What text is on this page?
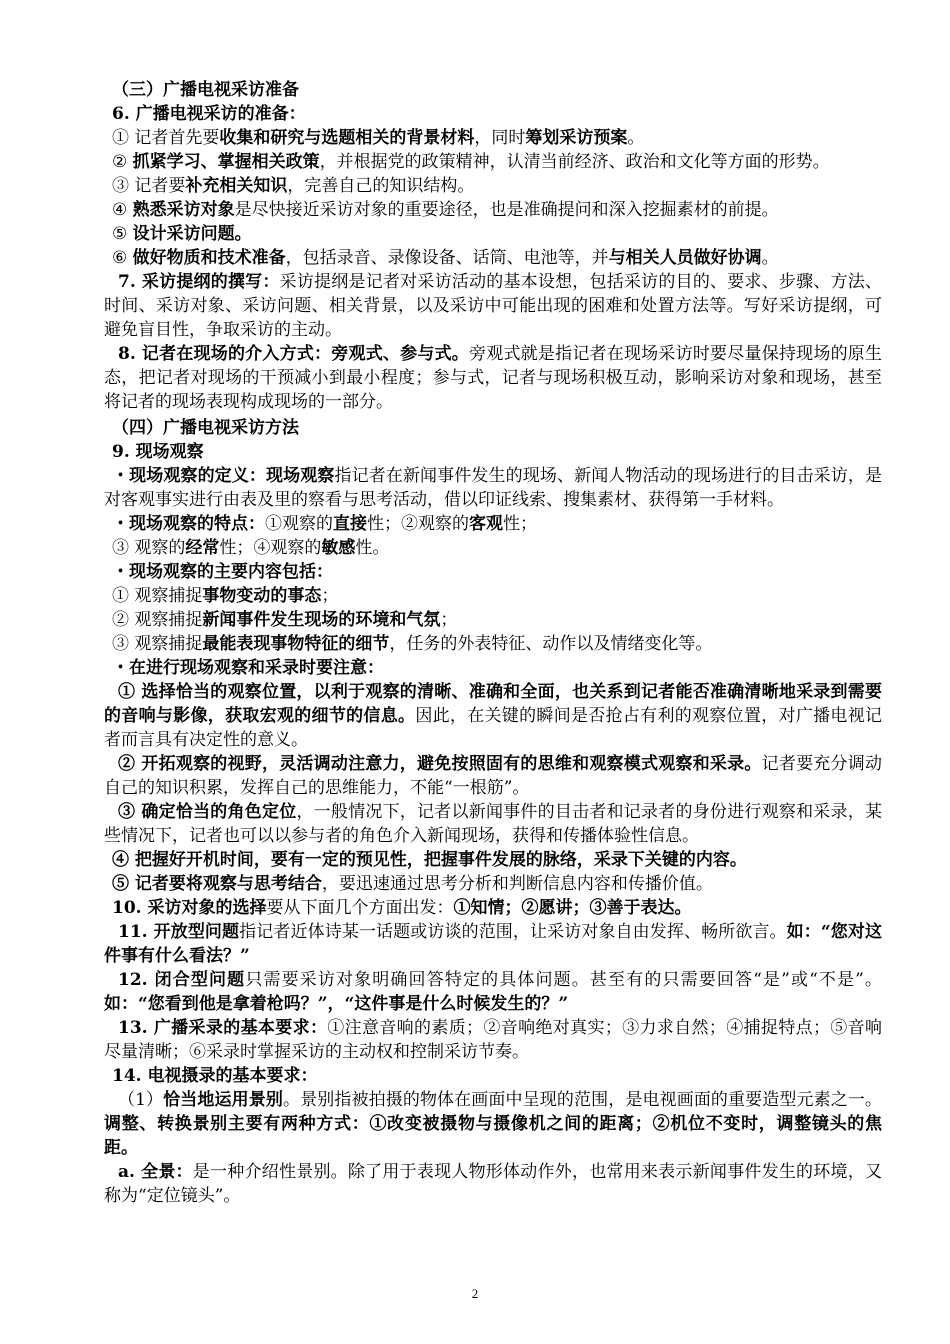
（三）广播电视采访准备
6. 广播电视采访的准备：
① 记者首先要收集和研究与选题相关的背景材料，同时筹划采访预案。
② 抓紧学习、掌握相关政策，并根据党的政策精神，认清当前经济、政治和文化等方面的形势。
③ 记者要补充相关知识，完善自己的知识结构。
④ 熟悉采访对象是尽快接近采访对象的重要途径，也是准确提问和深入挖掘素材的前提。
⑤ 设计采访问题。
⑥ 做好物质和技术准备，包括录音、录像设备、话筒、电池等，并与相关人员做好协调。
7. 采访提纲的撰写：采访提纲是记者对采访活动的基本设想，包括采访的目的、要求、步骤、方法、时间、采访对象、采访问题、相关背景，以及采访中可能出现的困难和处置方法等。写好采访提纲，可避免盲目性，争取采访的主动。
8. 记者在现场的介入方式：旁观式、参与式。旁观式就是指记者在现场采访时要尽量保持现场的原生态，把记者对现场的干预减小到最小程度；参与式，记者与现场积极互动，影响采访对象和现场，甚至将记者的现场表现构成现场的一部分。
（四）广播电视采访方法
9. 现场观察
・现场观察的定义：现场观察指记者在新闻事件发生的现场、新闻人物活动的现场进行的目击采访，是对客观事实进行由表及里的察看与思考活动，借以印证线索、搜集素材、获得第一手材料。
・现场观察的特点：①观察的直接性；②观察的客观性；
③ 观察的经常性；④观察的敏感性。
・现场观察的主要内容包括：
① 观察捕捉事物变动的事态；
② 观察捕捉新闻事件发生现场的环境和气氛；
③ 观察捕捉最能表现事物特征的细节，任务的外表特征、动作以及情绪变化等。
・在进行现场观察和采录时要注意：
① 选择恰当的观察位置，以利于观察的清晰、准确和全面，也关系到记者能否准确清晰地采录到需要的音响与影像，获取宏观的细节的信息。因此，在关键的瞬间是否抢占有利的观察位置，对广播电视记者而言具有决定性的意义。
② 开拓观察的视野，灵活调动注意力，避免按照固有的思维和观察模式观察和采录。记者要充分调动自己的知识积累，发挥自己的思维能力，不能“一根筋”。
③ 确定恰当的角色定位，一般情况下，记者以新闻事件的目击者和记录者的身份进行观察和采录，某些情况下，记者也可以以参与者的角色介入新闻现场，获得和传播体验性信息。
④ 把握好开机时间，要有一定的预见性，把握事件发展的脉络，采录下关键的内容。
⑤ 记者要将观察与思考结合，要迅速通过思考分析和判断信息内容和传播价值。
10. 采访对象的选择要从下面几个方面出发：①知情；②愿讲；③善于表达。
11. 开放型问题指记者近体诗某一话题或访谈的范围，让采访对象自由发挥、畅所欲言。如：“您对这件事有什么看法？”
12. 闭合型问题只需要采访对象明确回答特定的具体问题。甚至有的只需要回答“是”或“不是”。如：“您看到他是拿着枪吗？”，“这件事是什么时候发生的？”
13. 广播采录的基本要求：①注意音响的素质；②音响绝对真实；③力求自然；④捕捉特点；⑤音响尽量清晰；⑥采录时掌握采访的主动权和控制采访节奏。
14. 电视摄录的基本要求：
（1）恰当地运用景别。景别指被拍摄的物体在画面中呈现的范围，是电视画面的重要造型元素之一。调整、转换景别主要有两种方式：①改变被摄物与摄像机之间的距离；②机位不变时，调整镜头的焦距。
a. 全景：是一种介绍性景别。除了用于表现人物形体动作外，也常用来表示新闻事件发生的环境，又称为“定位镜头”。
2
